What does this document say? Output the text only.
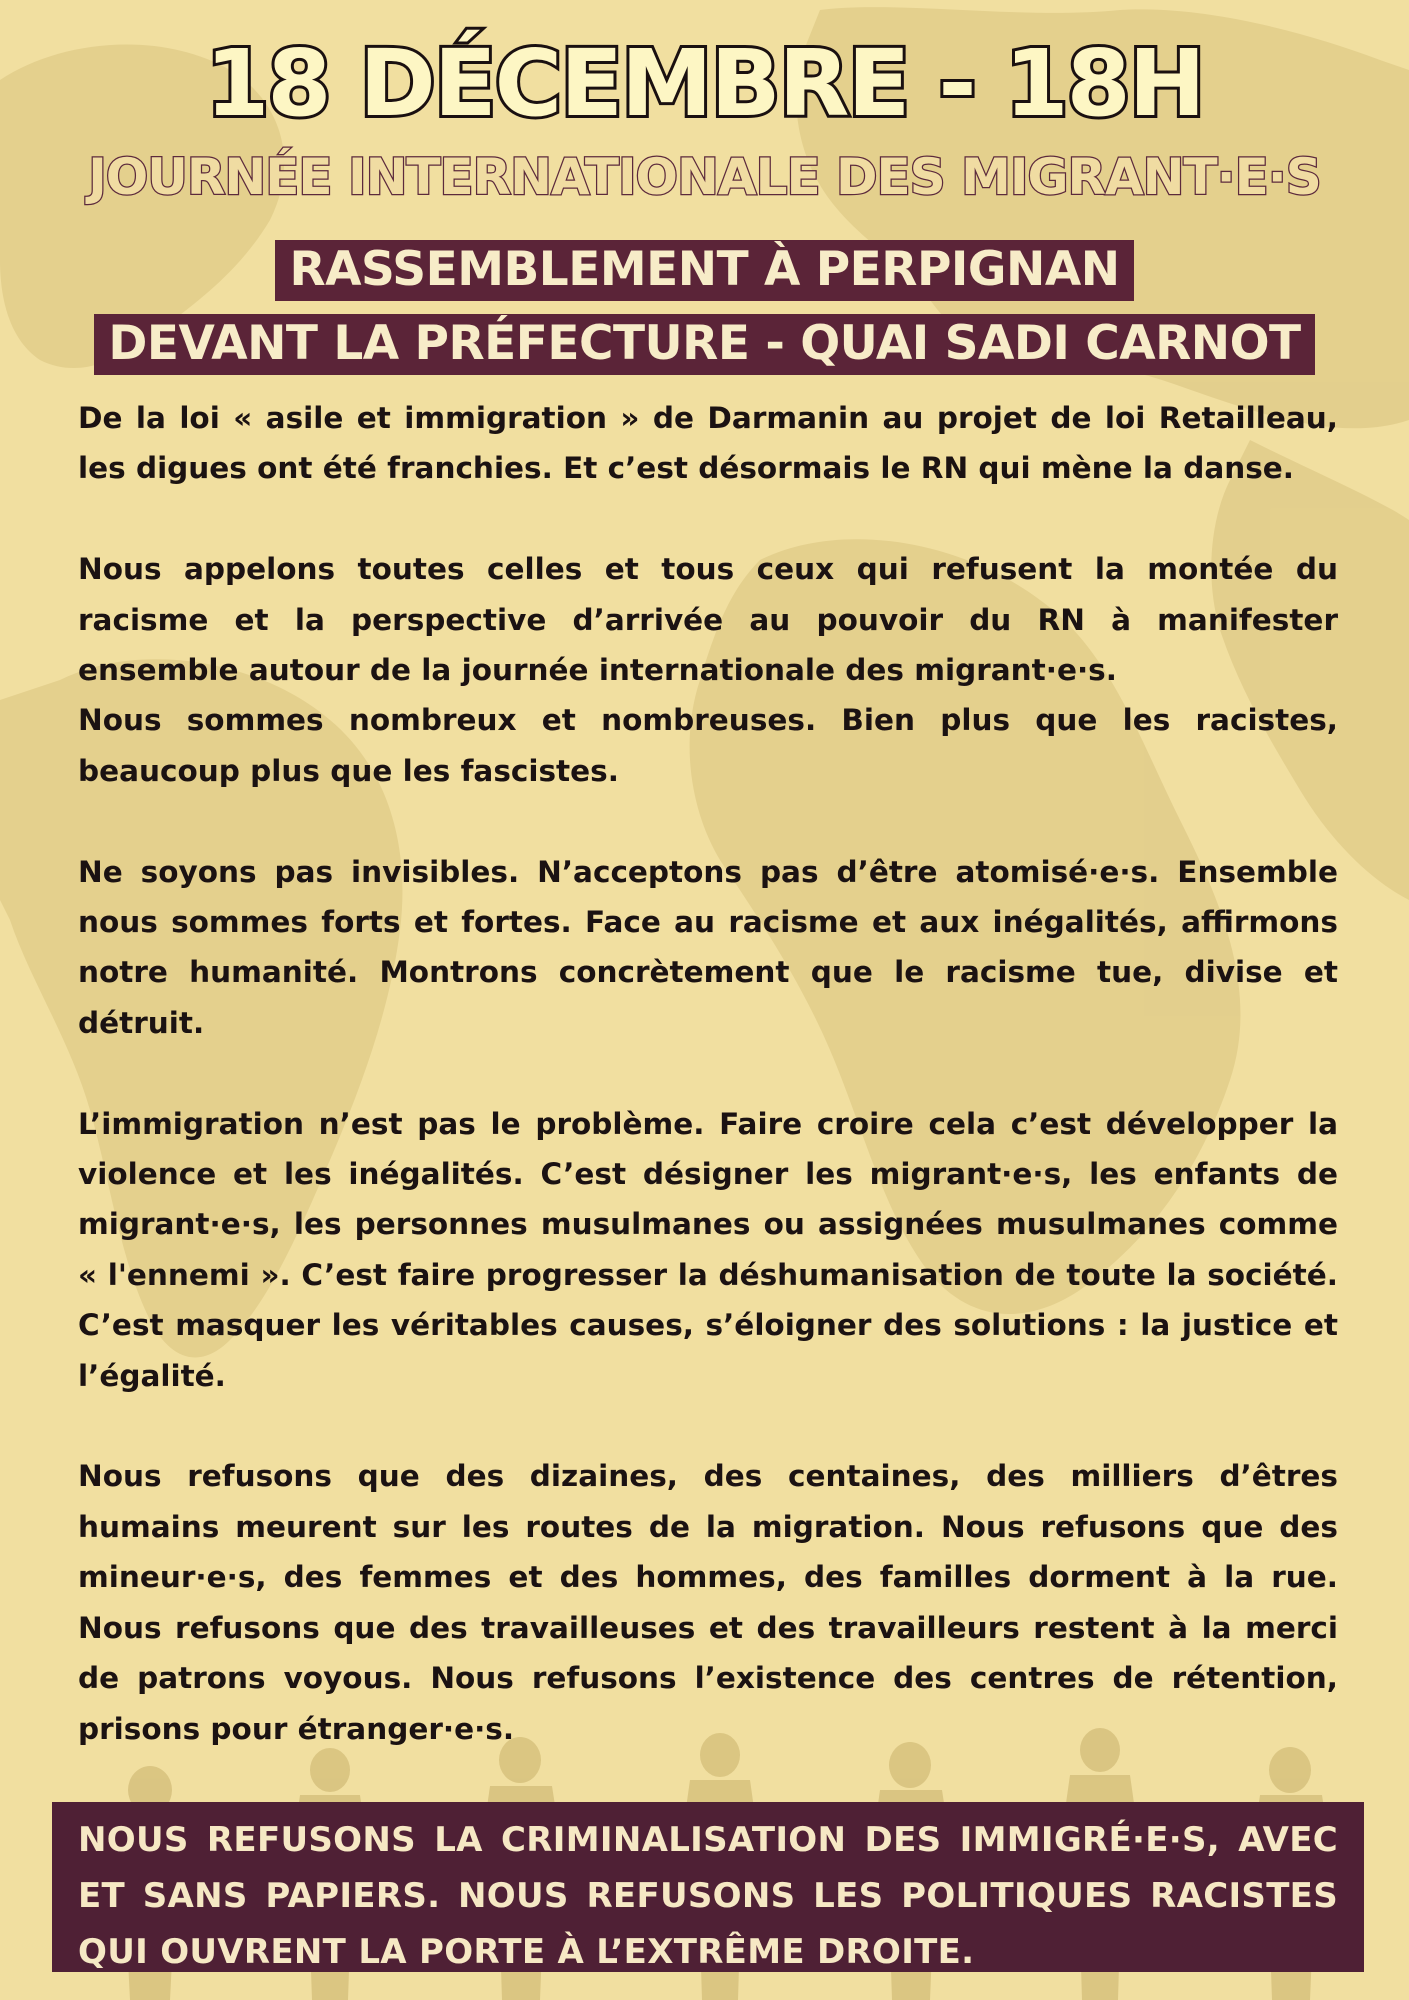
18 DÉCEMBRE - 18H
JOURNÉE INTERNATIONALE DES MIGRANT·E·S
RASSEMBLEMENT À PERPIGNAN
DEVANT LA PRÉFECTURE - QUAI SADI CARNOT

De la loi « asile et immigration » de Darmanin au projet de loi Retailleau, les digues ont été franchies. Et c’est désormais le RN qui mène la danse.

Nous appelons toutes celles et tous ceux qui refusent la montée du racisme et la perspective d’arrivée au pouvoir du RN à manifester ensemble autour de la journée internationale des migrant·e·s.

Nous sommes nombreux et nombreuses. Bien plus que les racistes, beaucoup plus que les fascistes.

Ne soyons pas invisibles. N’acceptons pas d’être atomisé·e·s. Ensemble nous sommes forts et fortes. Face au racisme et aux inégalités, affirmons notre humanité. Montrons concrètement que le racisme tue, divise et détruit.

L’immigration n’est pas le problème. Faire croire cela c’est développer la violence et les inégalités. C’est désigner les migrant·e·s, les enfants de migrant·e·s, les personnes musulmanes ou assignées musulmanes comme « l'ennemi ». C’est faire progresser la déshumanisation de toute la société. C’est masquer les véritables causes, s’éloigner des solutions : la justice et l’égalité.

Nous refusons que des dizaines, des centaines, des milliers d’êtres humains meurent sur les routes de la migration. Nous refusons que des mineur·e·s, des femmes et des hommes, des familles dorment à la rue. Nous refusons que des travailleuses et des travailleurs restent à la merci de patrons voyous. Nous refusons l’existence des centres de rétention, prisons pour étranger·e·s.

NOUS REFUSONS LA CRIMINALISATION DES IMMIGRÉ·E·S, AVEC ET SANS PAPIERS. NOUS REFUSONS LES POLITIQUES RACISTES QUI OUVRENT LA PORTE À L’EXTRÊME DROITE.
